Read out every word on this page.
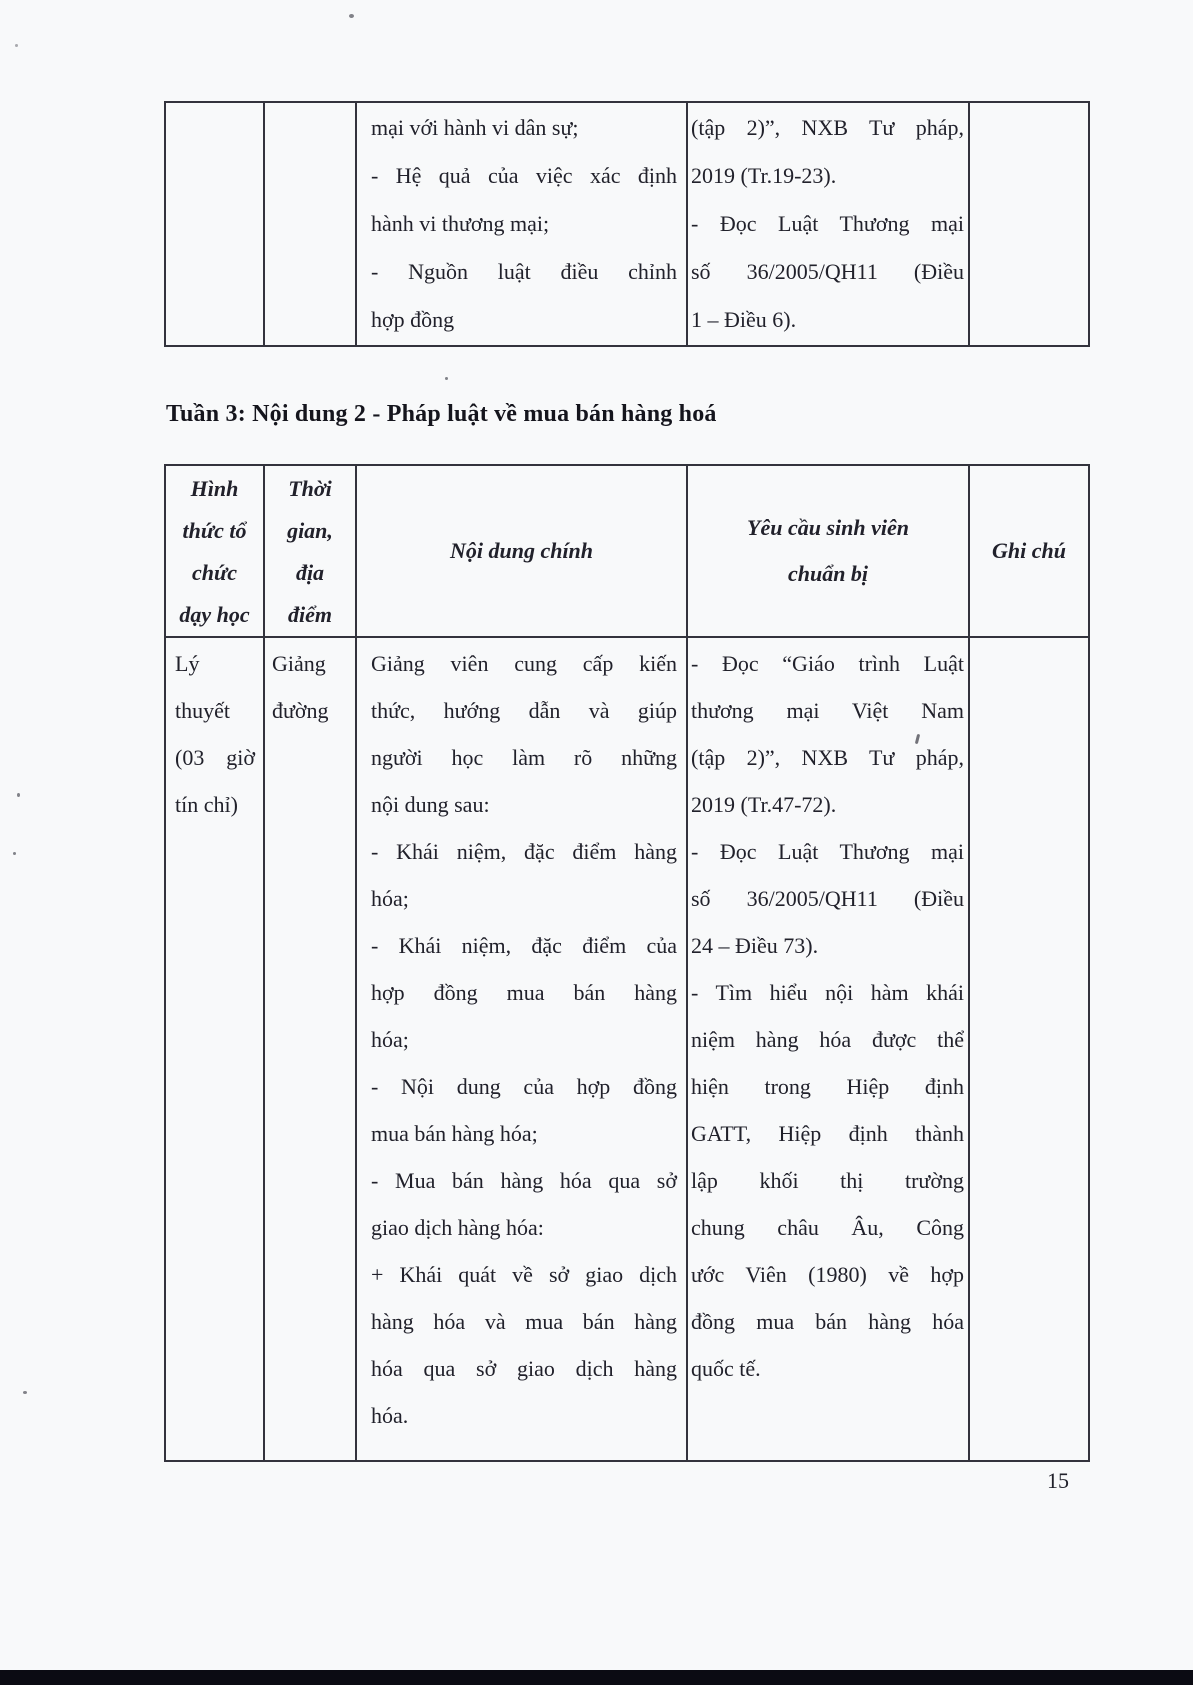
mại với hành vi dân sự;
- Hệ quả của việc xác định
hành vi thương mại;
- Nguồn luật điều chỉnh
hợp đồng
(tập 2)”, NXB Tư pháp,
2019 (Tr.19-23).
- Đọc Luật Thương mại
số 36/2005/QH11 (Điều
1 – Điều 6).
Tuần 3: Nội dung 2 - Pháp luật về mua bán hàng hoá
Hình
thức tổ
chức
dạy học
Thời
gian,
địa
điểm
Nội dung chính
Yêu cầu sinh viên
chuẩn bị
Ghi chú
Lý
thuyết
(03 giờ
tín chỉ)
Giảng
đường
Giảng viên cung cấp kiến
thức, hướng dẫn và giúp
người học làm rõ những
nội dung sau:
- Khái niệm, đặc điểm hàng
hóa;
- Khái niệm, đặc điểm của
hợp đồng mua bán hàng
hóa;
- Nội dung của hợp đồng
mua bán hàng hóa;
- Mua bán hàng hóa qua sở
giao dịch hàng hóa:
+ Khái quát về sở giao dịch
hàng hóa và mua bán hàng
hóa qua sở giao dịch hàng
hóa.
- Đọc “Giáo trình Luật
thương mại Việt Nam
(tập 2)”, NXB Tư pháp,
2019 (Tr.47-72).
- Đọc Luật Thương mại
số 36/2005/QH11 (Điều
24 – Điều 73).
- Tìm hiểu nội hàm khái
niệm hàng hóa được thể
hiện trong Hiệp định
GATT, Hiệp định thành
lập khối thị trường
chung châu Âu, Công
ước Viên (1980) về hợp
đồng mua bán hàng hóa
quốc tế.
15
